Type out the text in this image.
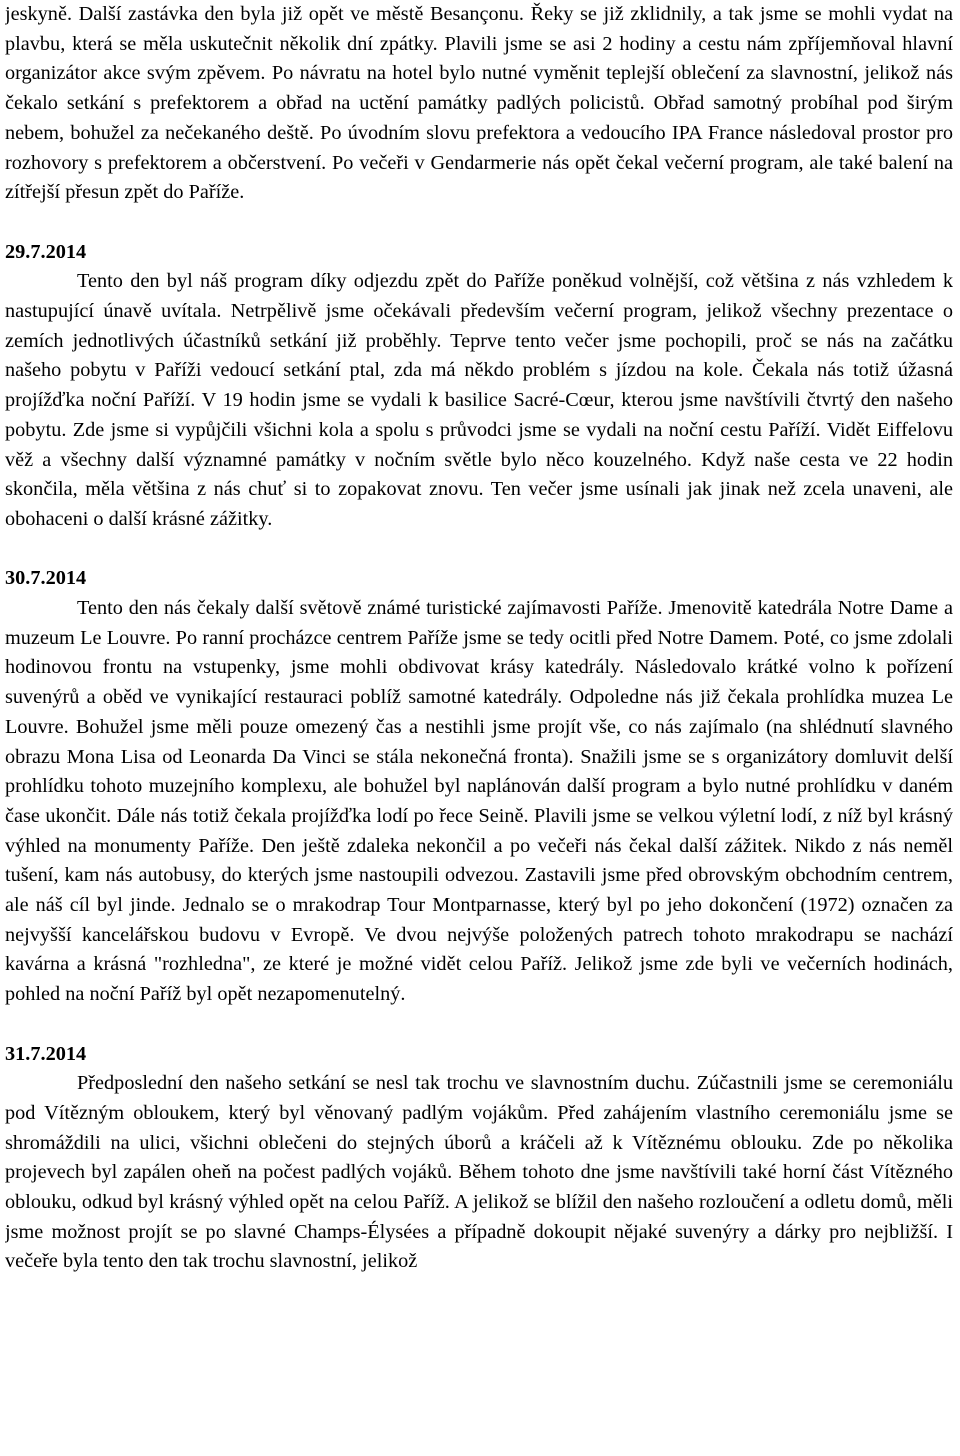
jeskyně. Další zastávka den byla již opět ve městě Besançonu. Řeky se již zklidnily, a tak jsme se mohli vydat na plavbu, která se měla uskutečnit několik dní zpátky. Plavili jsme se asi 2 hodiny a cestu nám zpříjemňoval hlavní organizátor akce svým zpěvem. Po návratu na hotel bylo nutné vyměnit teplejší oblečení za slavnostní, jelikož nás čekalo setkání s prefektorem a obřad na uctění památky padlých policistů. Obřad samotný probíhal pod širým nebem, bohužel za nečekaného deště. Po úvodním slovu prefektora a vedoucího IPA France následoval prostor pro rozhovory s prefektorem a občerstvení. Po večeři v Gendarmerie nás opět čekal večerní program, ale také balení na zítřejší přesun zpět do Paříže.

29.7.2014

Tento den byl náš program díky odjezdu zpět do Paříže poněkud volnější, což většina z nás vzhledem k nastupující únavě uvítala. Netrpělivě jsme očekávali především večerní program, jelikož všechny prezentace o zemích jednotlivých účastníků setkání již proběhly. Teprve tento večer jsme pochopili, proč se nás na začátku našeho pobytu v Paříži vedoucí setkání ptal, zda má někdo problém s jízdou na kole. Čekala nás totiž úžasná projížďka noční Paříží. V 19 hodin jsme se vydali k basilice Sacré-Cœur, kterou jsme navštívili čtvrtý den našeho pobytu. Zde jsme si vypůjčili všichni kola a spolu s průvodci jsme se vydali na noční cestu Paříží. Vidět Eiffelovu věž a všechny další významné památky v nočním světle bylo něco kouzelného. Když naše cesta ve 22 hodin skončila, měla většina z nás chuť si to zopakovat znovu. Ten večer jsme usínali jak jinak než zcela unaveni, ale obohaceni o další krásné zážitky.

30.7.2014

Tento den nás čekaly další světově známé turistické zajímavosti Paříže. Jmenovitě katedrála Notre Dame a muzeum Le Louvre. Po ranní procházce centrem Paříže jsme se tedy ocitli před Notre Damem. Poté, co jsme zdolali hodinovou frontu na vstupenky, jsme mohli obdivovat krásy katedrály. Následovalo krátké volno k pořízení suvenýrů a oběd ve vynikající restauraci poblíž samotné katedrály. Odpoledne nás již čekala prohlídka muzea Le Louvre. Bohužel jsme měli pouze omezený čas a nestihli jsme projít vše, co nás zajímalo (na shlédnutí slavného obrazu Mona Lisa od Leonarda Da Vinci se stála nekonečná fronta). Snažili jsme se s organizátory domluvit delší prohlídku tohoto muzejního komplexu, ale bohužel byl naplánován další program a bylo nutné prohlídku v daném čase ukončit. Dále nás totiž čekala projížďka lodí po řece Seině. Plavili jsme se velkou výletní lodí, z níž byl krásný výhled na monumenty Paříže. Den ještě zdaleka nekončil a po večeři nás čekal další zážitek. Nikdo z nás neměl tušení, kam nás autobusy, do kterých jsme nastoupili odvezou. Zastavili jsme před obrovským obchodním centrem, ale náš cíl byl jinde. Jednalo se o mrakodrap Tour Montparnasse, který byl po jeho dokončení (1972) označen za nejvyšší kancelářskou budovu v Evropě. Ve dvou nejvýše položených patrech tohoto mrakodrapu se nachází kavárna a krásná "rozhledna", ze které je možné vidět celou Paříž. Jelikož jsme zde byli ve večerních hodinách, pohled na noční Paříž byl opět nezapomenutelný.

31.7.2014

Předposlední den našeho setkání se nesl tak trochu ve slavnostním duchu. Zúčastnili jsme se ceremoniálu pod Vítězným obloukem, který byl věnovaný padlým vojákům. Před zahájením vlastního ceremoniálu jsme se shromáždili na ulici, všichni oblečeni do stejných úborů a kráčeli až k Vítěznému oblouku. Zde po několika projevech byl zapálen oheň na počest padlých vojáků. Během tohoto dne jsme navštívili také horní část Vítězného oblouku, odkud byl krásný výhled opět na celou Paříž. A jelikož se blížil den našeho rozloučení a odletu domů, měli jsme možnost projít se po slavné Champs-Élysées a případně dokoupit nějaké suvenýry a dárky pro nejbližší. I večeře byla tento den tak trochu slavnostní, jelikož
